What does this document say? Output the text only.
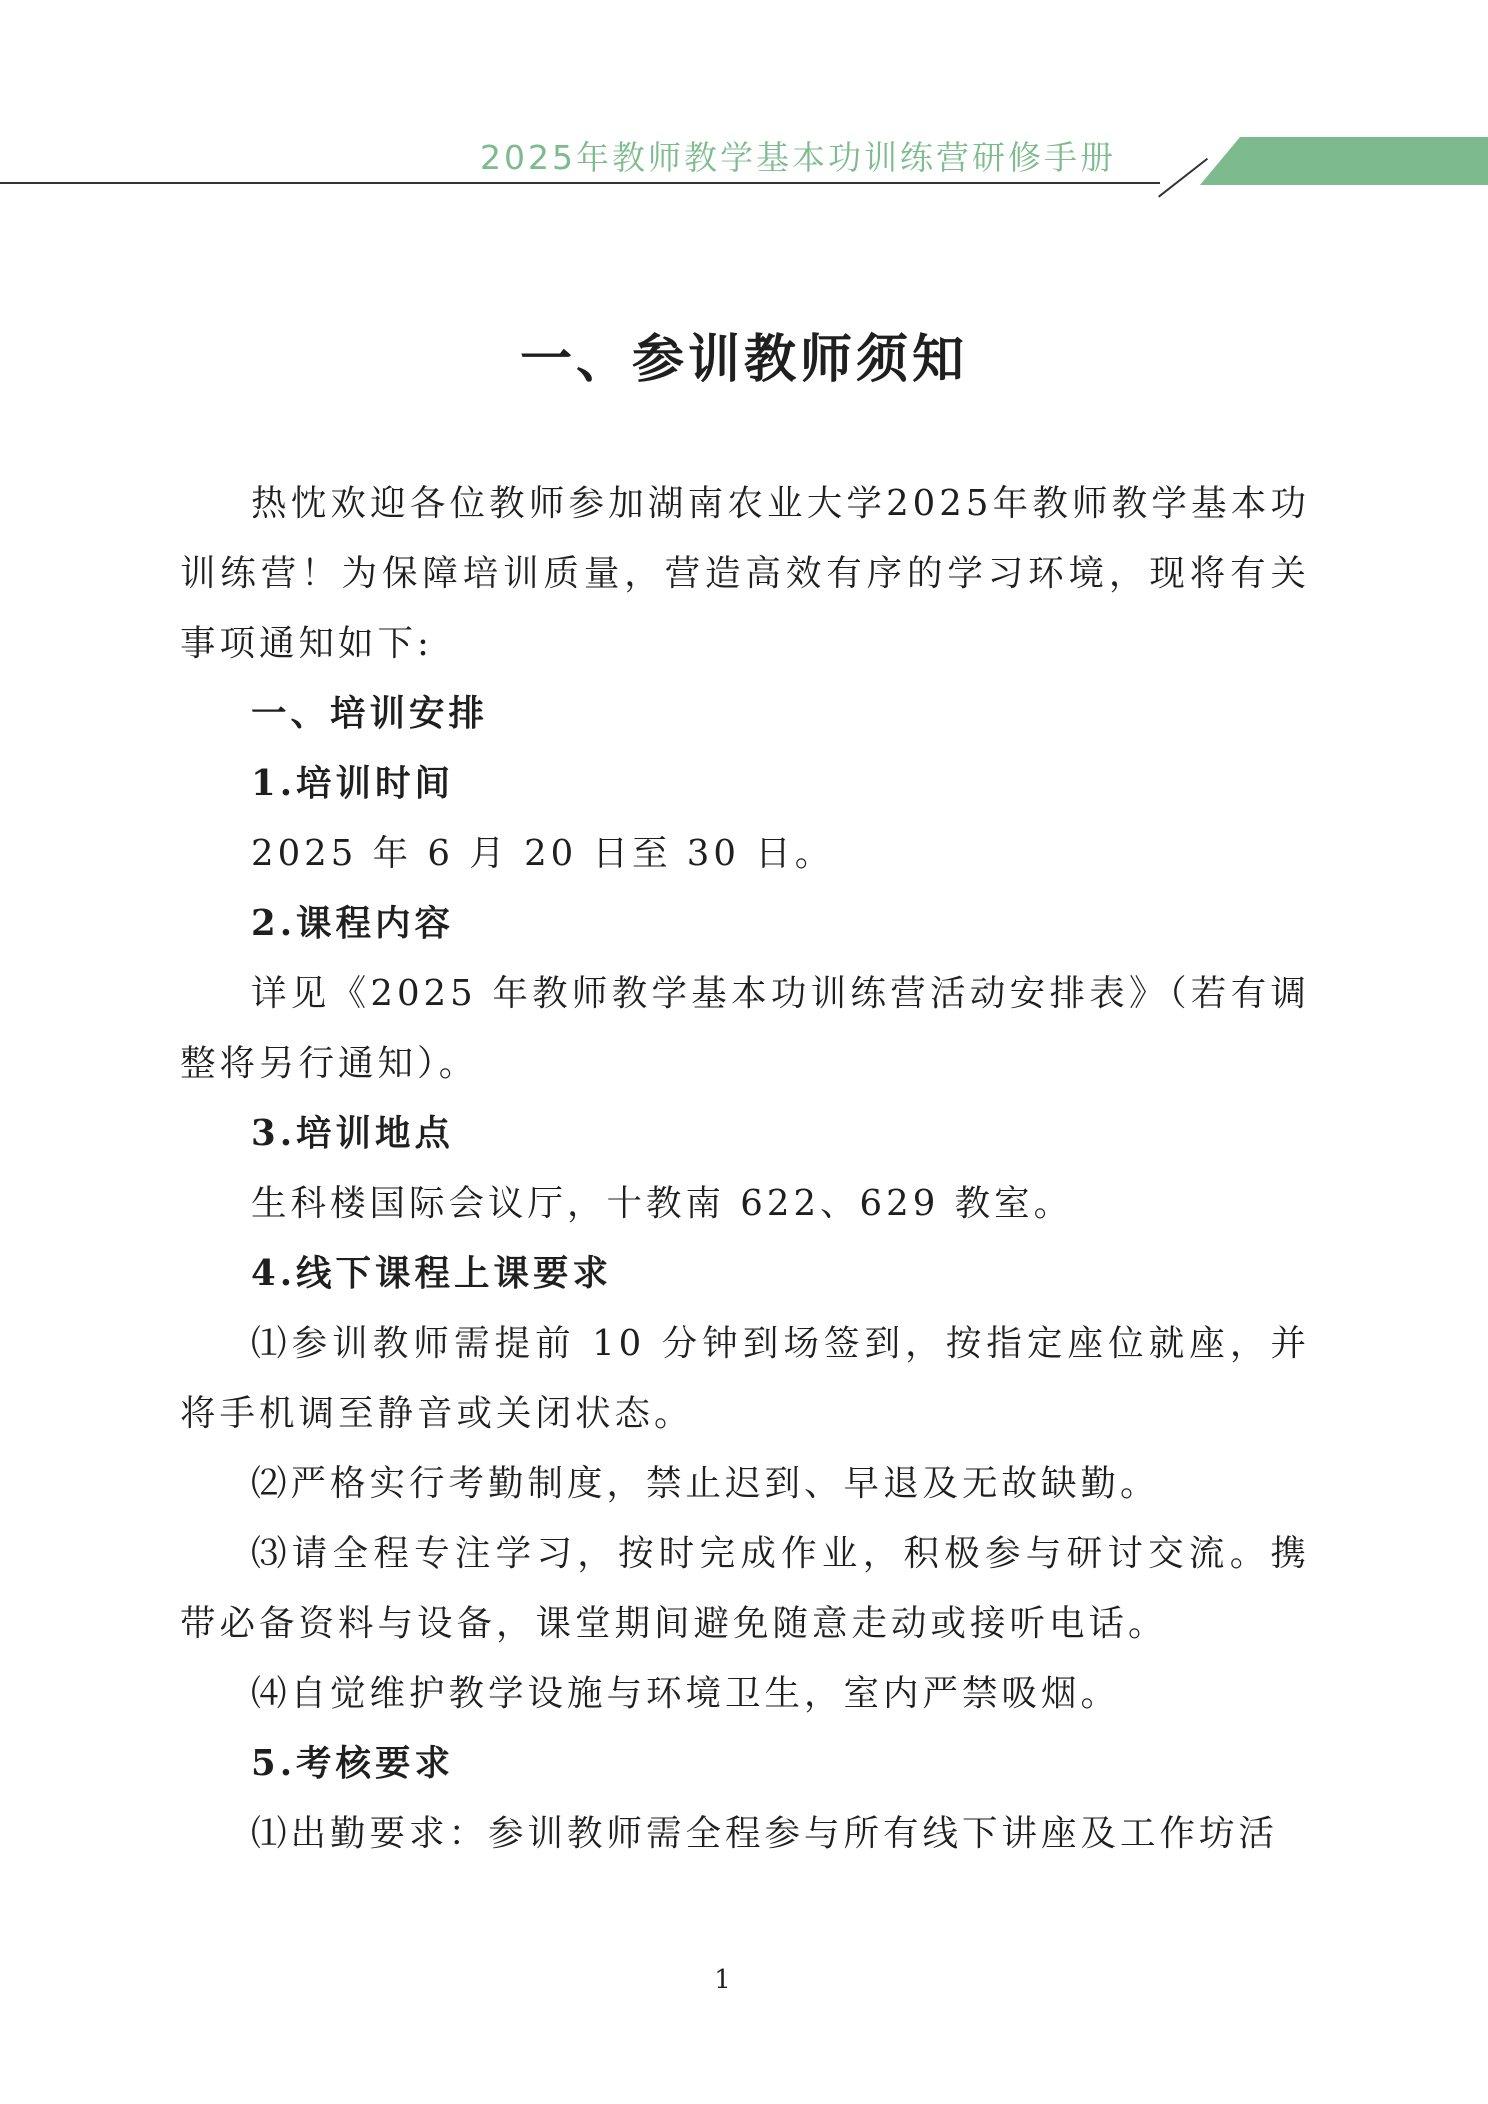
2025年教师教学基本功训练营研修手册
一、参训教师须知

热忱欢迎各位教师参加湖南农业大学2025年教师教学基本功训练营！为保障培训质量，营造高效有序的学习环境，现将有关事项通知如下:

一、培训安排

1.培训时间

2025 年 6 月 20 日至 30 日。

2.课程内容

详见《2025 年教师教学基本功训练营活动安排表》（若有调整将另行通知）。

3.培训地点

生科楼国际会议厅，十教南 622、629 教室。

4.线下课程上课要求

⑴参训教师需提前 10 分钟到场签到，按指定座位就座，并将手机调至静音或关闭状态。

⑵严格实行考勤制度，禁止迟到、早退及无故缺勤。

⑶请全程专注学习，按时完成作业，积极参与研讨交流。携带必备资料与设备，课堂期间避免随意走动或接听电话。

⑷自觉维护教学设施与环境卫生，室内严禁吸烟。

5.考核要求

⑴出勤要求：参训教师需全程参与所有线下讲座及工作坊活

1
